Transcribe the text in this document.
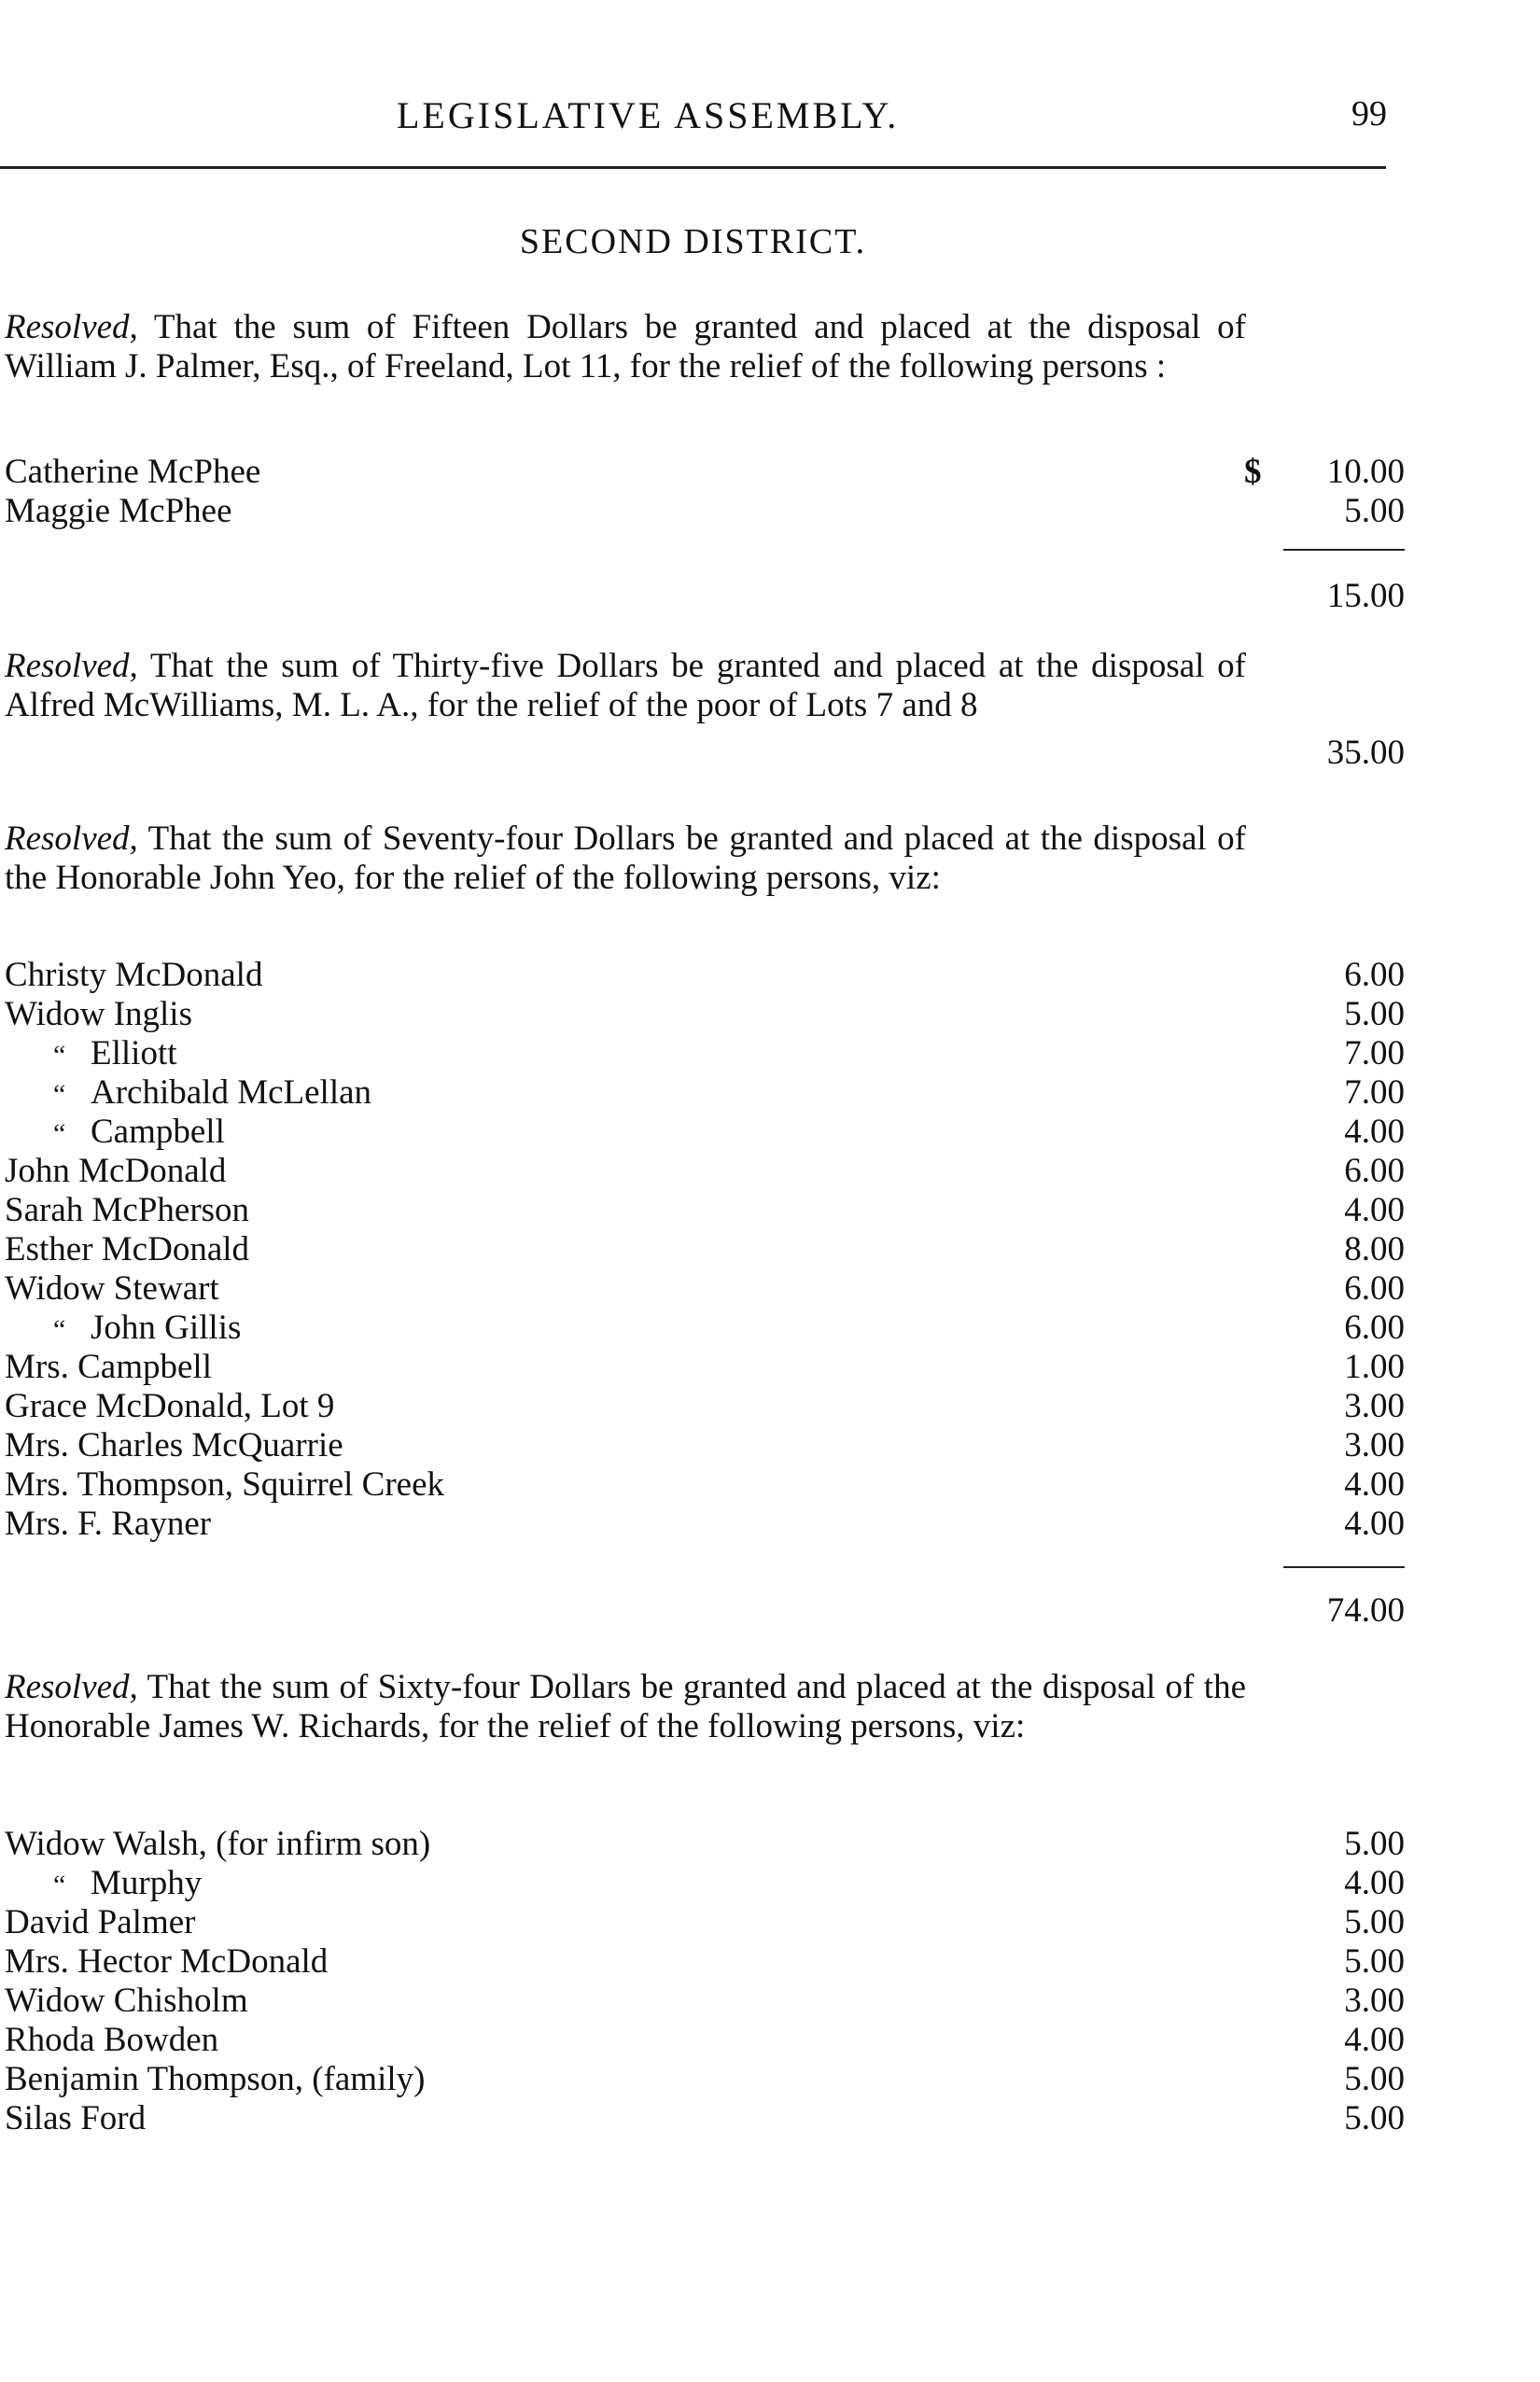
LEGISLATIVE ASSEMBLY.	99
SECOND DISTRICT.
Resolved, That the sum of Fifteen Dollars be granted and placed at the disposal of William J. Palmer, Esq., of Freeland, Lot 11, for the relief of the following persons :
Catherine McPhee	$	10.00
Maggie McPhee	5.00
15.00
Resolved, That the sum of Thirty-five Dollars be granted and placed at the disposal of Alfred McWilliams, M. L. A., for the relief of the poor of Lots 7 and 8
35.00
Resolved, That the sum of Seventy-four Dollars be granted and placed at the disposal of the Honorable John Yeo, for the relief of the following persons, viz:
Christy McDonald	6.00
Widow Inglis	5.00
“ Elliott	7.00
“ Archibald McLellan	7.00
“ Campbell	4.00
John McDonald	6.00
Sarah McPherson	4.00
Esther McDonald	8.00
Widow Stewart	6.00
“ John Gillis	6.00
Mrs. Campbell	1.00
Grace McDonald, Lot 9	3.00
Mrs. Charles McQuarrie	3.00
Mrs. Thompson, Squirrel Creek	4.00
Mrs. F. Rayner	4.00
74.00
Resolved, That the sum of Sixty-four Dollars be granted and placed at the disposal of the Honorable James W. Richards, for the relief of the following persons, viz:
Widow Walsh, (for infirm son)	5.00
“ Murphy	4.00
David Palmer	5.00
Mrs. Hector McDonald	5.00
Widow Chisholm	3.00
Rhoda Bowden	4.00
Benjamin Thompson, (family)	5.00
Silas Ford	5.00
